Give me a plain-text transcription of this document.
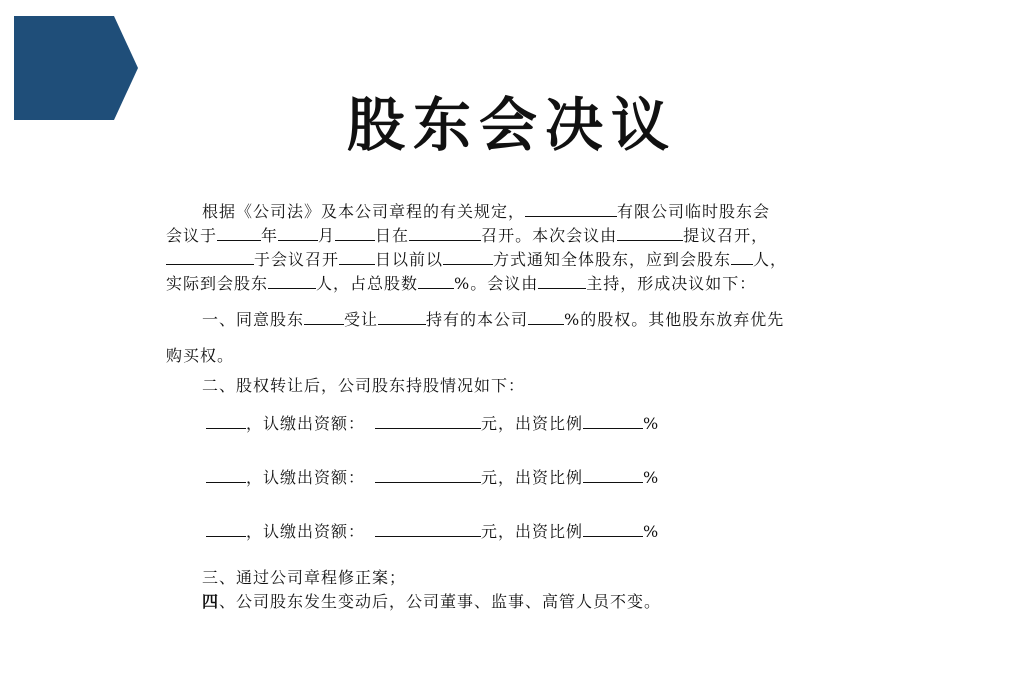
股东会决议
根据《公司法》及本公司章程的有关规定，	有限公司临时股东会
会议于	年	月	日在	召开。本次会议由	提议召开，
于会议召开 日以前以	方式通知全体股东，应到会股东 人，
实际到会股东	人，占总股数 %。会议由	主持，形成决议如下：
一、同意股东	受让	持有的本公司 %的股权。其他股东放弃优先
购买权。
二、股权转让后，公司股东持股情况如下：
，认缴出资额：	元，出资比例	%
，认缴出资额：	元，出资比例	%
，认缴出资额：	元，出资比例	%
三、通过公司章程修正案；
四、公司股东发生变动后，公司董事、监事、高管人员不变。
